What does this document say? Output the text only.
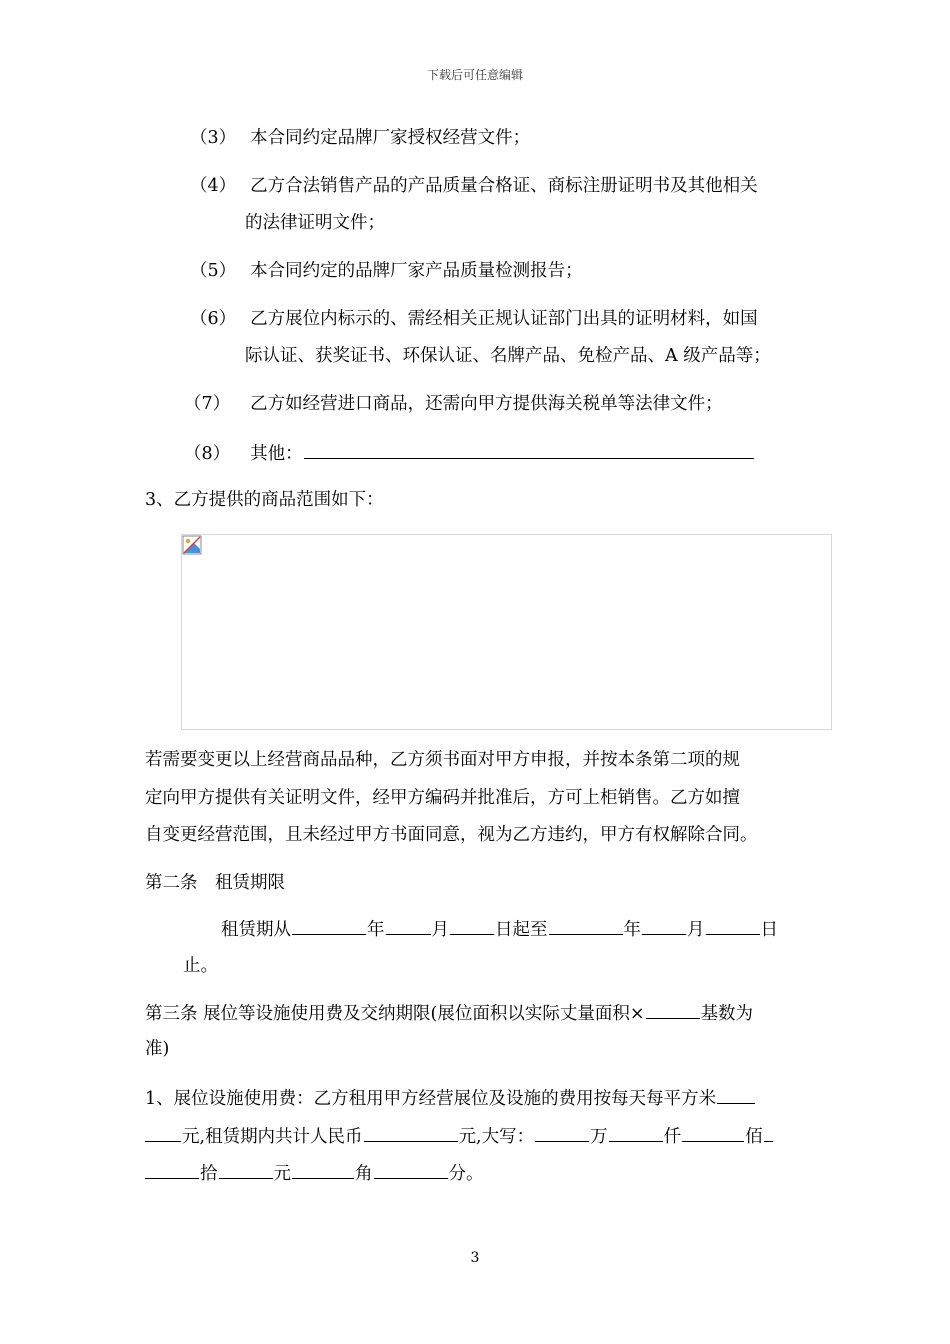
下载后可任意编辑
（3） 本合同约定品牌厂家授权经营文件；
（4） 乙方合法销售产品的产品质量合格证、商标注册证明书及其他相关
的法律证明文件；
（5） 本合同约定的品牌厂家产品质量检测报告；
（6） 乙方展位内标示的、需经相关正规认证部门出具的证明材料，如国
际认证、获奖证书、环保认证、名牌产品、免检产品、A 级产品等；
（7） 乙方如经营进口商品，还需向甲方提供海关税单等法律文件；
（8） 其他：
3、乙方提供的商品范围如下：
若需要变更以上经营商品品种，乙方须书面对甲方申报，并按本条第二项的规
定向甲方提供有关证明文件，经甲方编码并批准后，方可上柜销售。乙方如擅
自变更经营范围，且未经过甲方书面同意，视为乙方违约，甲方有权解除合同。
第二条　租赁期限
租赁期从	年	月	日起至	年	月	日
止。
第三条 展位等设施使用费及交纳期限(展位面积以实际丈量面积×	基数为
准)
1、展位设施使用费：乙方租用甲方经营展位及设施的费用按每天每平方米
元,租赁期内共计人民币	元,大写：	万	仟	佰
拾	元	角	分。
3
